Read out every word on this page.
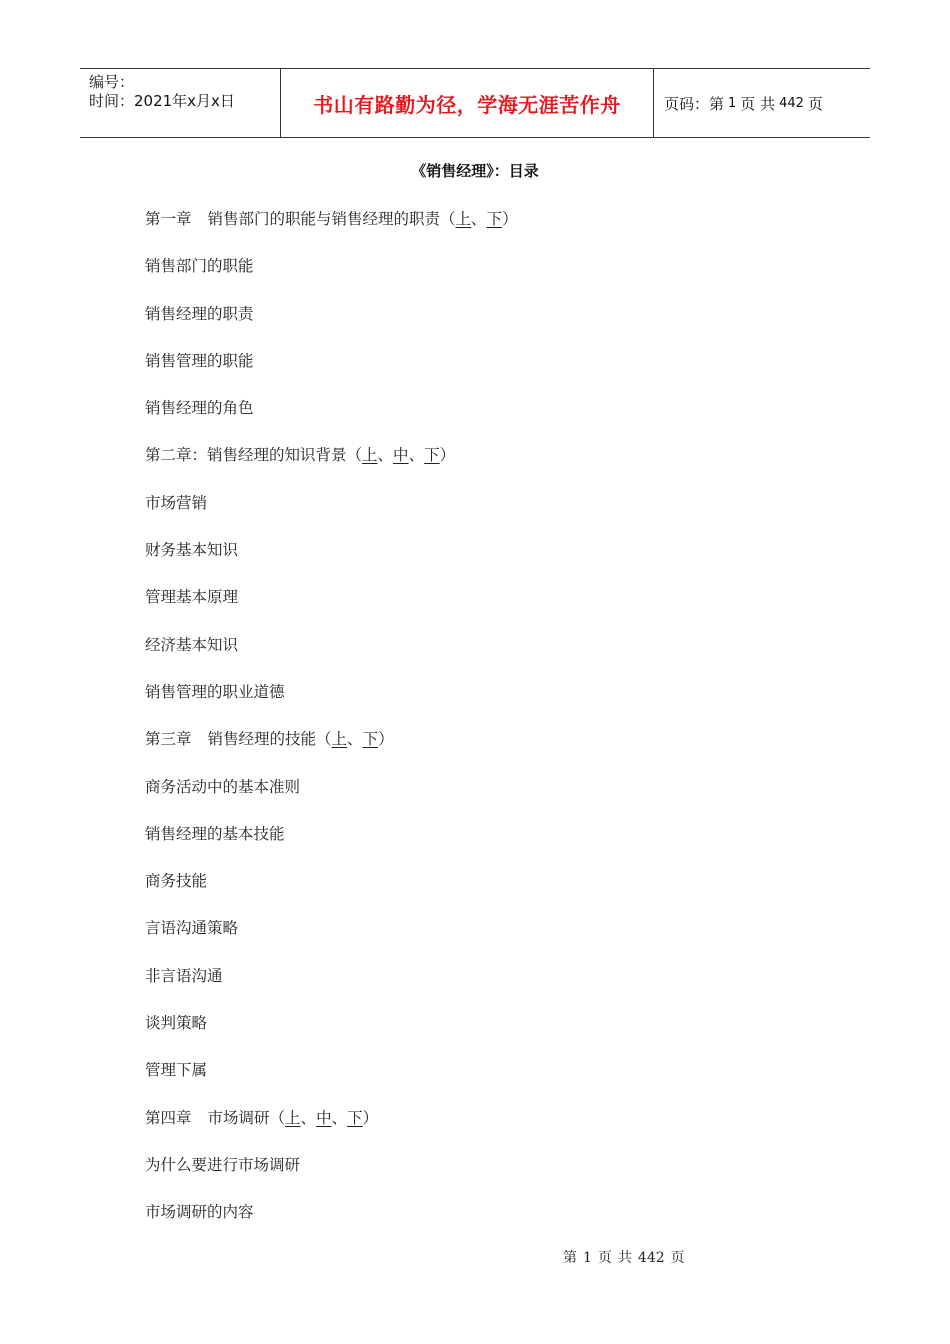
编号：
时间：2021年x月x日	书山有路勤为径，学海无涯苦作舟	页码：第 1 页 共 442 页
《销售经理》：目录
第一章 销售部门的职能与销售经理的职责（上、下）
销售部门的职能
销售经理的职责
销售管理的职能
销售经理的角色
第二章：销售经理的知识背景（上、中、下）
市场营销
财务基本知识
管理基本原理
经济基本知识
销售管理的职业道德
第三章 销售经理的技能（上、下）
商务活动中的基本准则
销售经理的基本技能
商务技能
言语沟通策略
非言语沟通
谈判策略
管理下属
第四章 市场调研（上、中、下）
为什么要进行市场调研
市场调研的内容
第 1 页 共 442 页
